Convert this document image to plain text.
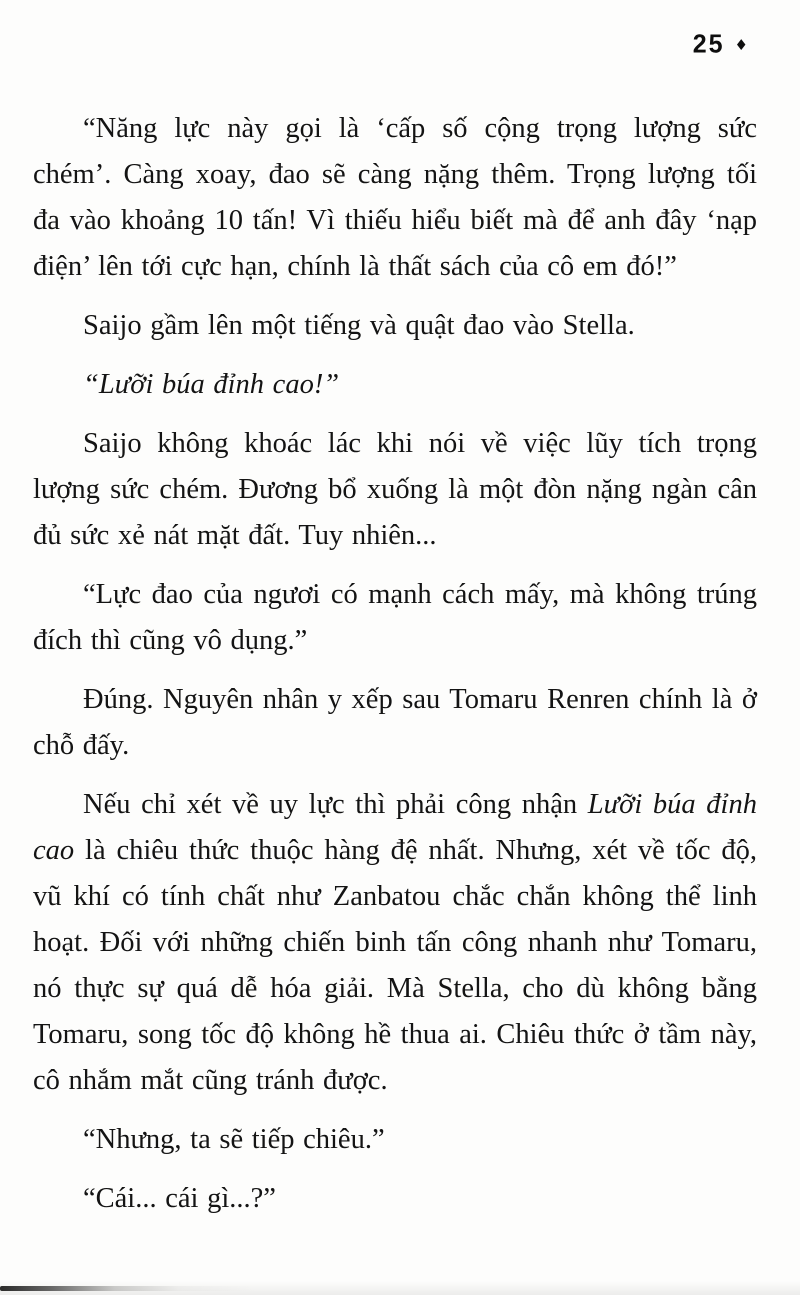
25 ♦

“Năng lực này gọi là ‘cấp số cộng trọng lượng sức chém’. Càng xoay, đao sẽ càng nặng thêm. Trọng lượng tối đa vào khoảng 10 tấn! Vì thiếu hiểu biết mà để anh đây ‘nạp điện’ lên tới cực hạn, chính là thất sách của cô em đó!”

Saijo gầm lên một tiếng và quật đao vào Stella.

“Lưỡi búa đỉnh cao!”

Saijo không khoác lác khi nói về việc lũy tích trọng lượng sức chém. Đương bổ xuống là một đòn nặng ngàn cân đủ sức xẻ nát mặt đất. Tuy nhiên...

“Lực đao của ngươi có mạnh cách mấy, mà không trúng đích thì cũng vô dụng.”

Đúng. Nguyên nhân y xếp sau Tomaru Renren chính là ở chỗ đấy.

Nếu chỉ xét về uy lực thì phải công nhận Lưỡi búa đỉnh cao là chiêu thức thuộc hàng đệ nhất. Nhưng, xét về tốc độ, vũ khí có tính chất như Zanbatou chắc chắn không thể linh hoạt. Đối với những chiến binh tấn công nhanh như Tomaru, nó thực sự quá dễ hóa giải. Mà Stella, cho dù không bằng Tomaru, song tốc độ không hề thua ai. Chiêu thức ở tầm này, cô nhắm mắt cũng tránh được.

“Nhưng, ta sẽ tiếp chiêu.”

“Cái... cái gì...?”
